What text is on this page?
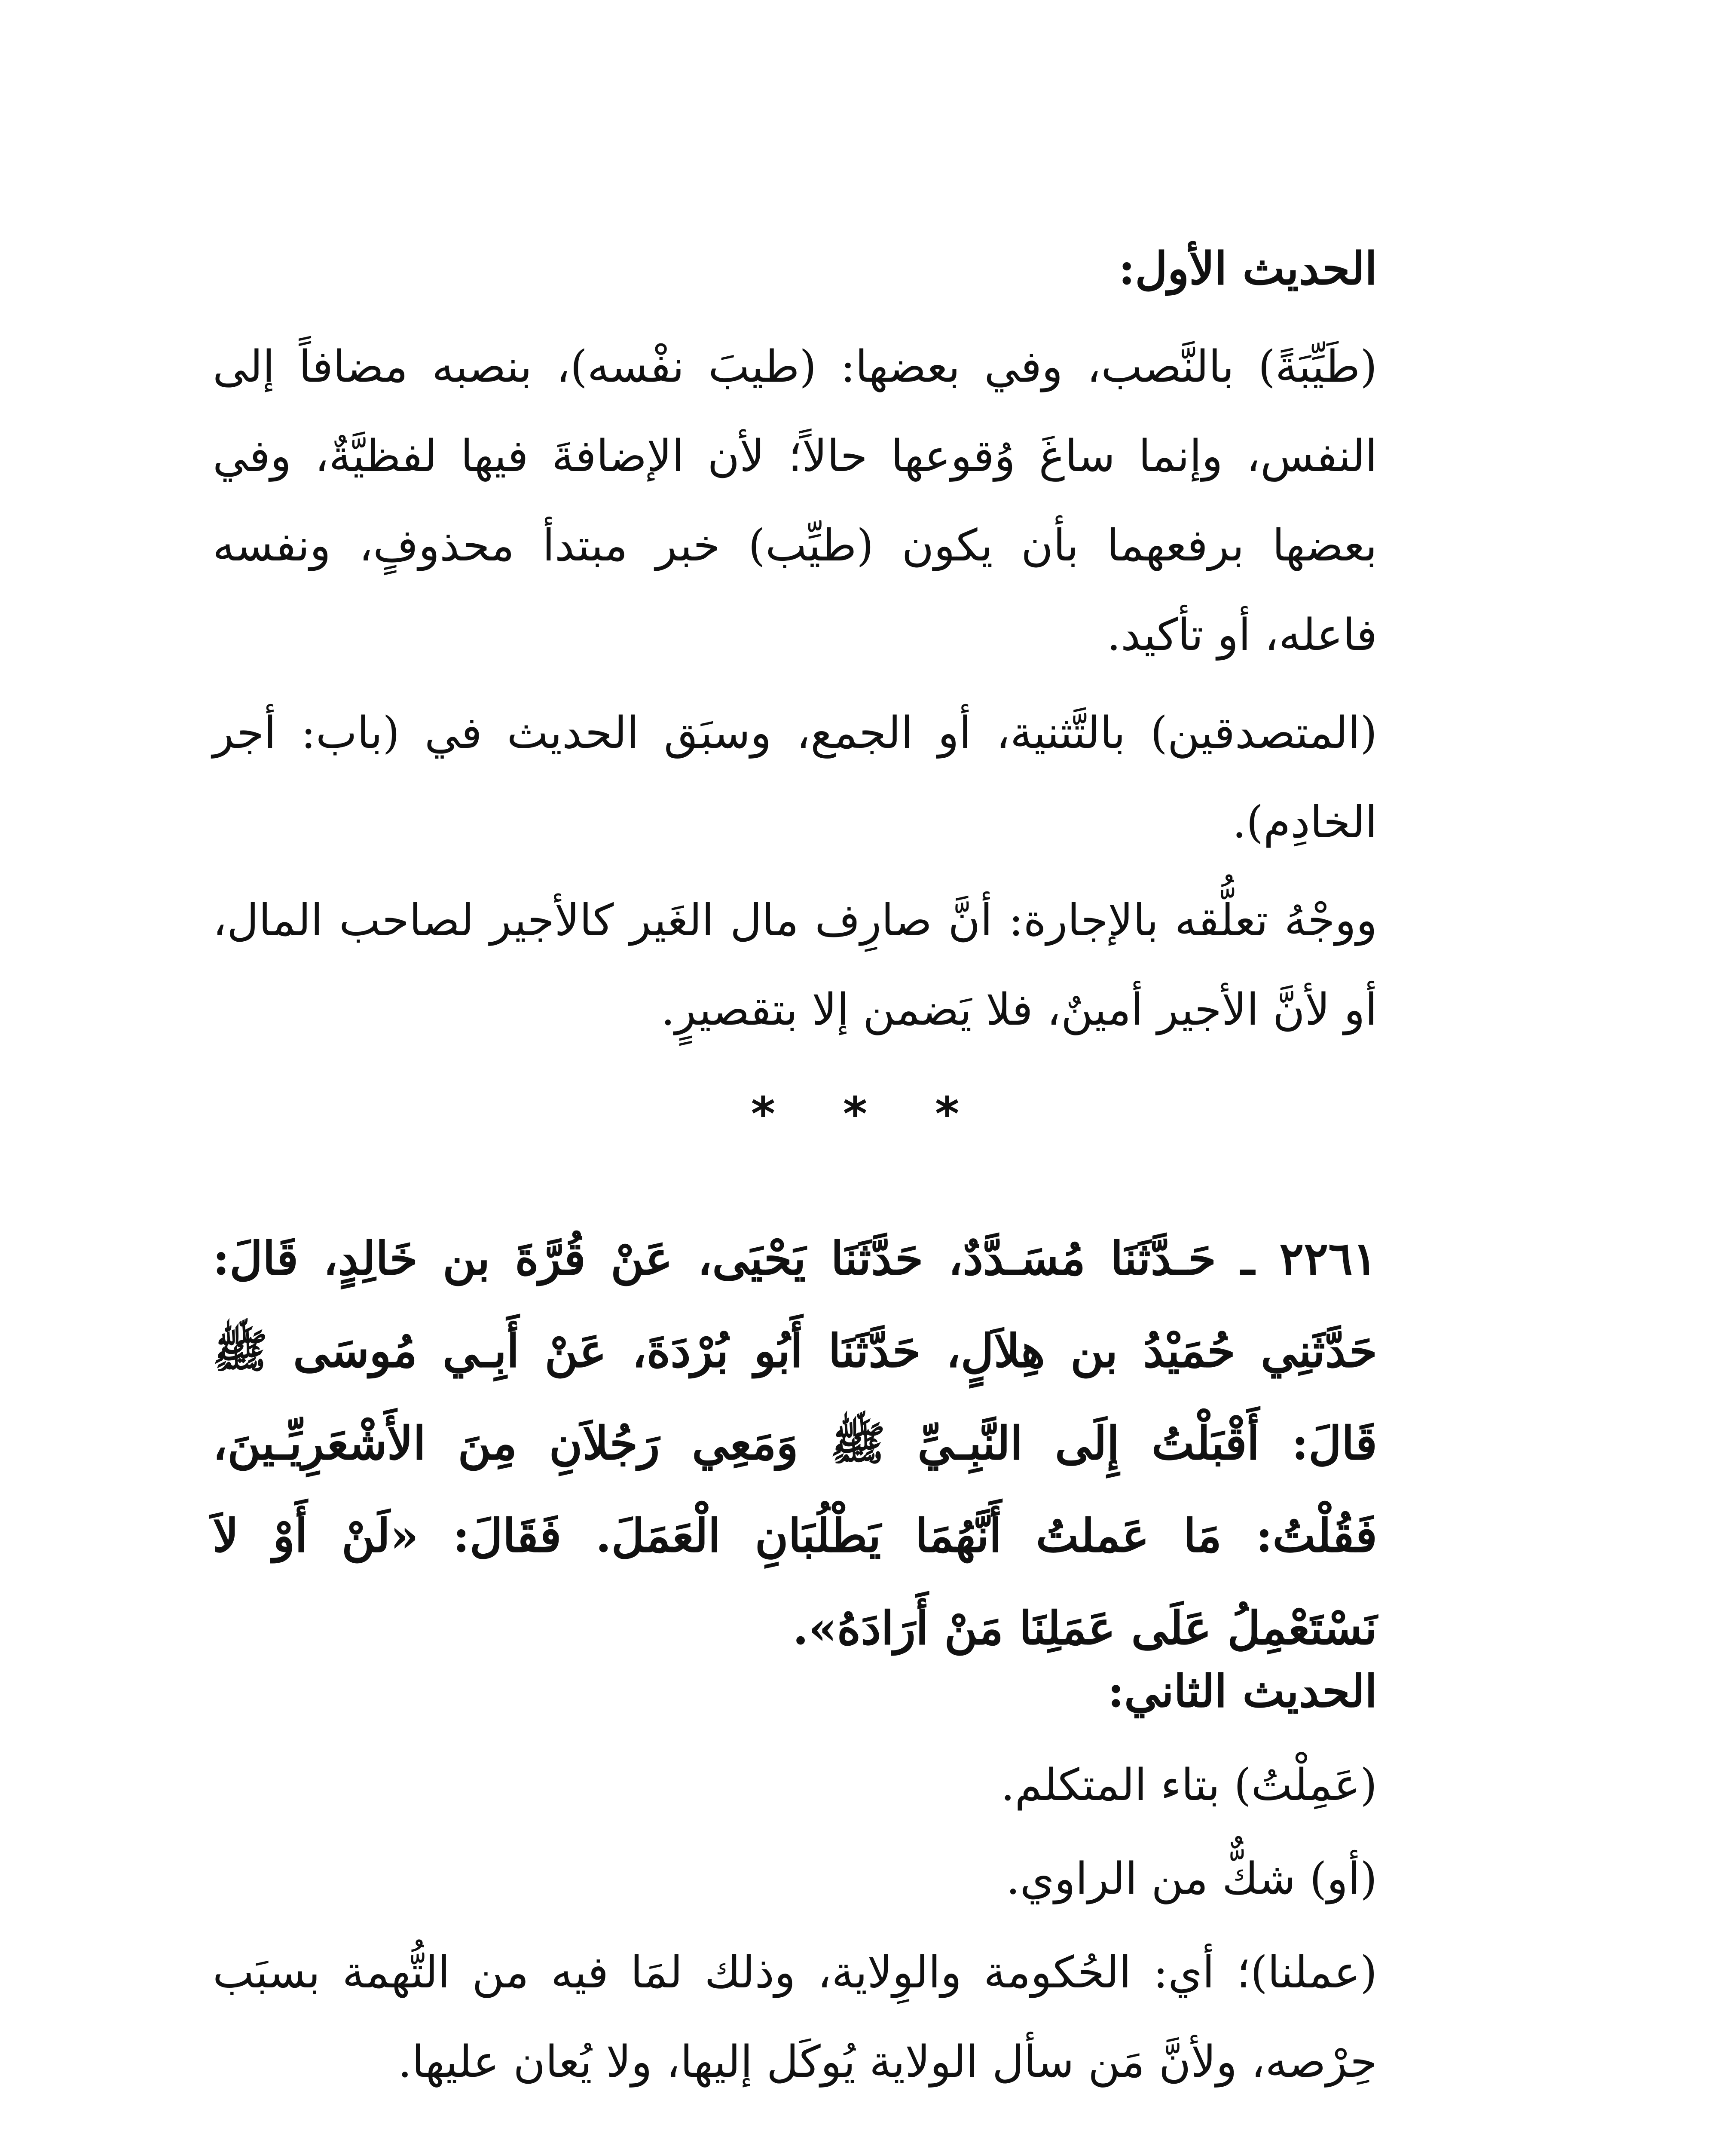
الحديث الأول:

(طَيِّبَةً) بالنَّصب، وفي بعضها: (طيبَ نفْسه)، بنصبه مضافاً إلى النفس، وإنما ساغَ وُقوعها حالاً؛ لأن الإضافةَ فيها لفظيَّةٌ، وفي بعضها برفعهما بأن يكون (طيِّب) خبر مبتدأ محذوفٍ، ونفسه فاعله، أو تأكيد.

(المتصدقين) بالتَّثنية، أو الجمع، وسبَق الحديث في (باب: أجر الخادِم).

ووجْهُ تعلُّقه بالإجارة: أنَّ صارِف مال الغَير كالأجير لصاحب المال، أو لأنَّ الأجير أمينٌ، فلا يَضمن إلا بتقصيرٍ.

* * *

٢٢٦١ ـ حَـدَّثَنَا مُسَـدَّدٌ، حَدَّثَنَا يَحْيَى، عَنْ قُرَّةَ بن خَالِدٍ، قَالَ: حَدَّثَنِي حُمَيْدُ بن هِلاَلٍ، حَدَّثَنَا أَبُو بُرْدَةَ، عَنْ أَبِـي مُوسَى ﷺ قَالَ: أَقْبَلْتُ إِلَى النَّبِـيِّ ﷺ وَمَعِي رَجُلاَنِ مِنَ الأَشْعَرِيِّـينَ، فَقُلْتُ: مَا عَملتُ أَنَّهُمَا يَطْلُبَانِ الْعَمَلَ. فَقَالَ: «لَنْ أَوْ لاَ نَسْتَعْمِلُ عَلَى عَمَلِنَا مَنْ أَرَادَهُ».

الحديث الثاني:

(عَمِلْتُ) بتاء المتكلم.

(أو) شكٌّ من الراوي.

(عملنا)؛ أي: الحُكومة والوِلاية، وذلك لمَا فيه من التُّهمة بسبَب حِرْصه، ولأنَّ مَن سأل الولاية يُوكَل إليها، ولا يُعان عليها.
